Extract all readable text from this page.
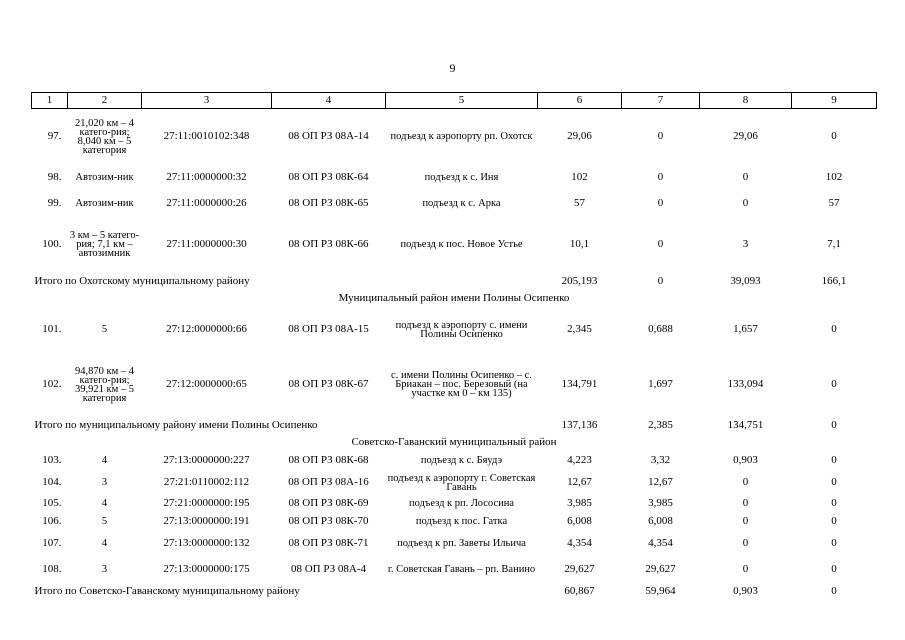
9
1	2	3	4	5	6	7	8	9
97.	21,020 км – 4 катего-рия; 8,040 км – 5 категория	27:11:0010102:348	08 ОП РЗ 08А-14	подъезд к аэропорту рп. Охотск	29,06	0	29,06	0
98.	Автозим-ник	27:11:0000000:32	08 ОП РЗ 08К-64	подъезд к с. Иня	102	0	0	102
99.	Автозим-ник	27:11:0000000:26	08 ОП РЗ 08К-65	подъезд к с. Арка	57	0	0	57
100.	3 км – 5 катего-рия; 7,1 км – автозимник	27:11:0000000:30	08 ОП РЗ 08К-66	подъезд к пос. Новое Устье	10,1	0	3	7,1
Итого по Охотскому муниципальному району					205,193	0	39,093	166,1
Муниципальный район имени Полины Осипенко								
101.	5	27:12:0000000:66	08 ОП РЗ 08А-15	подъезд к аэропорту с. имени Полины Осипенко	2,345	0,688	1,657	0
102.	94,870 км – 4 катего-рия; 39,921 км – 5 категория	27:12:0000000:65	08 ОП РЗ 08К-67	с. имени Полины Осипенко – с. Бриакан – пос. Березовый (на участке км 0 – км 135)	134,791	1,697	133,094	0
Итого по муниципальному району имени Полины Осипенко					137,136	2,385	134,751	0
Советско-Гаванский муниципальный район								
103.	4	27:13:0000000:227	08 ОП РЗ 08К-68	подъезд к с. Бяудэ	4,223	3,32	0,903	0
104.	3	27:21:0110002:112	08 ОП РЗ 08А-16	подъезд к аэропорту г. Советская Гавань	12,67	12,67	0	0
105.	4	27:21:0000000:195	08 ОП РЗ 08К-69	подъезд к рп. Лососина	3,985	3,985	0	0
106.	5	27:13:0000000:191	08 ОП РЗ 08К-70	подъезд к пос. Гатка	6,008	6,008	0	0
107.	4	27:13:0000000:132	08 ОП РЗ 08К-71	подъезд к рп. Заветы Ильича	4,354	4,354	0	0
108.	3	27:13:0000000:175	08 ОП РЗ 08А-4	г. Советская Гавань – рп. Ванино	29,627	29,627	0	0
Итого по Советско-Гаванскому муниципальному району					60,867	59,964	0,903	0
